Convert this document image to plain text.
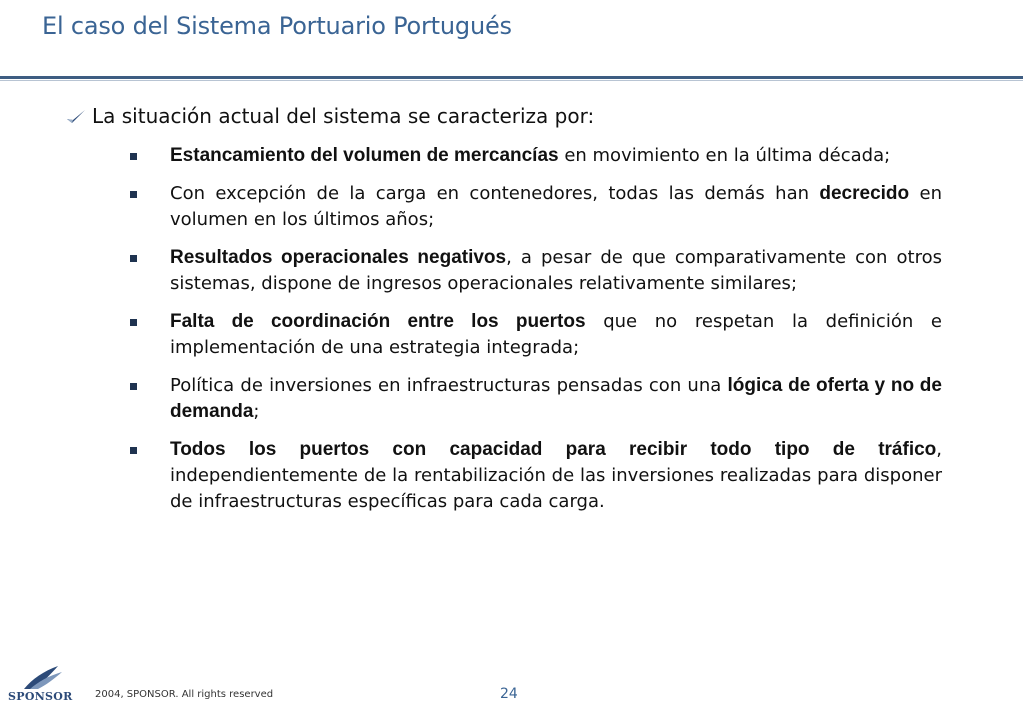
El caso del Sistema Portuario Portugués
La situación actual del sistema se caracteriza por:
Estancamiento del volumen de mercancías en movimiento en la última década;
Con excepción de la carga en contenedores, todas las demás han decrecido en volumen en los últimos años;
Resultados operacionales negativos, a pesar de que comparativamente con otros sistemas, dispone de ingresos operacionales relativamente similares;
Falta de coordinación entre los puertos que no respetan la definición e implementación de una estrategia integrada;
Política de inversiones en infraestructuras pensadas con una lógica de oferta y no de demanda;
Todos los puertos con capacidad para recibir todo tipo de tráfico, independientemente de la rentabilización de las inversiones realizadas para disponer de infraestructuras específicas para cada carga.
SPONSOR 2004, SPONSOR. All rights reserved	24
